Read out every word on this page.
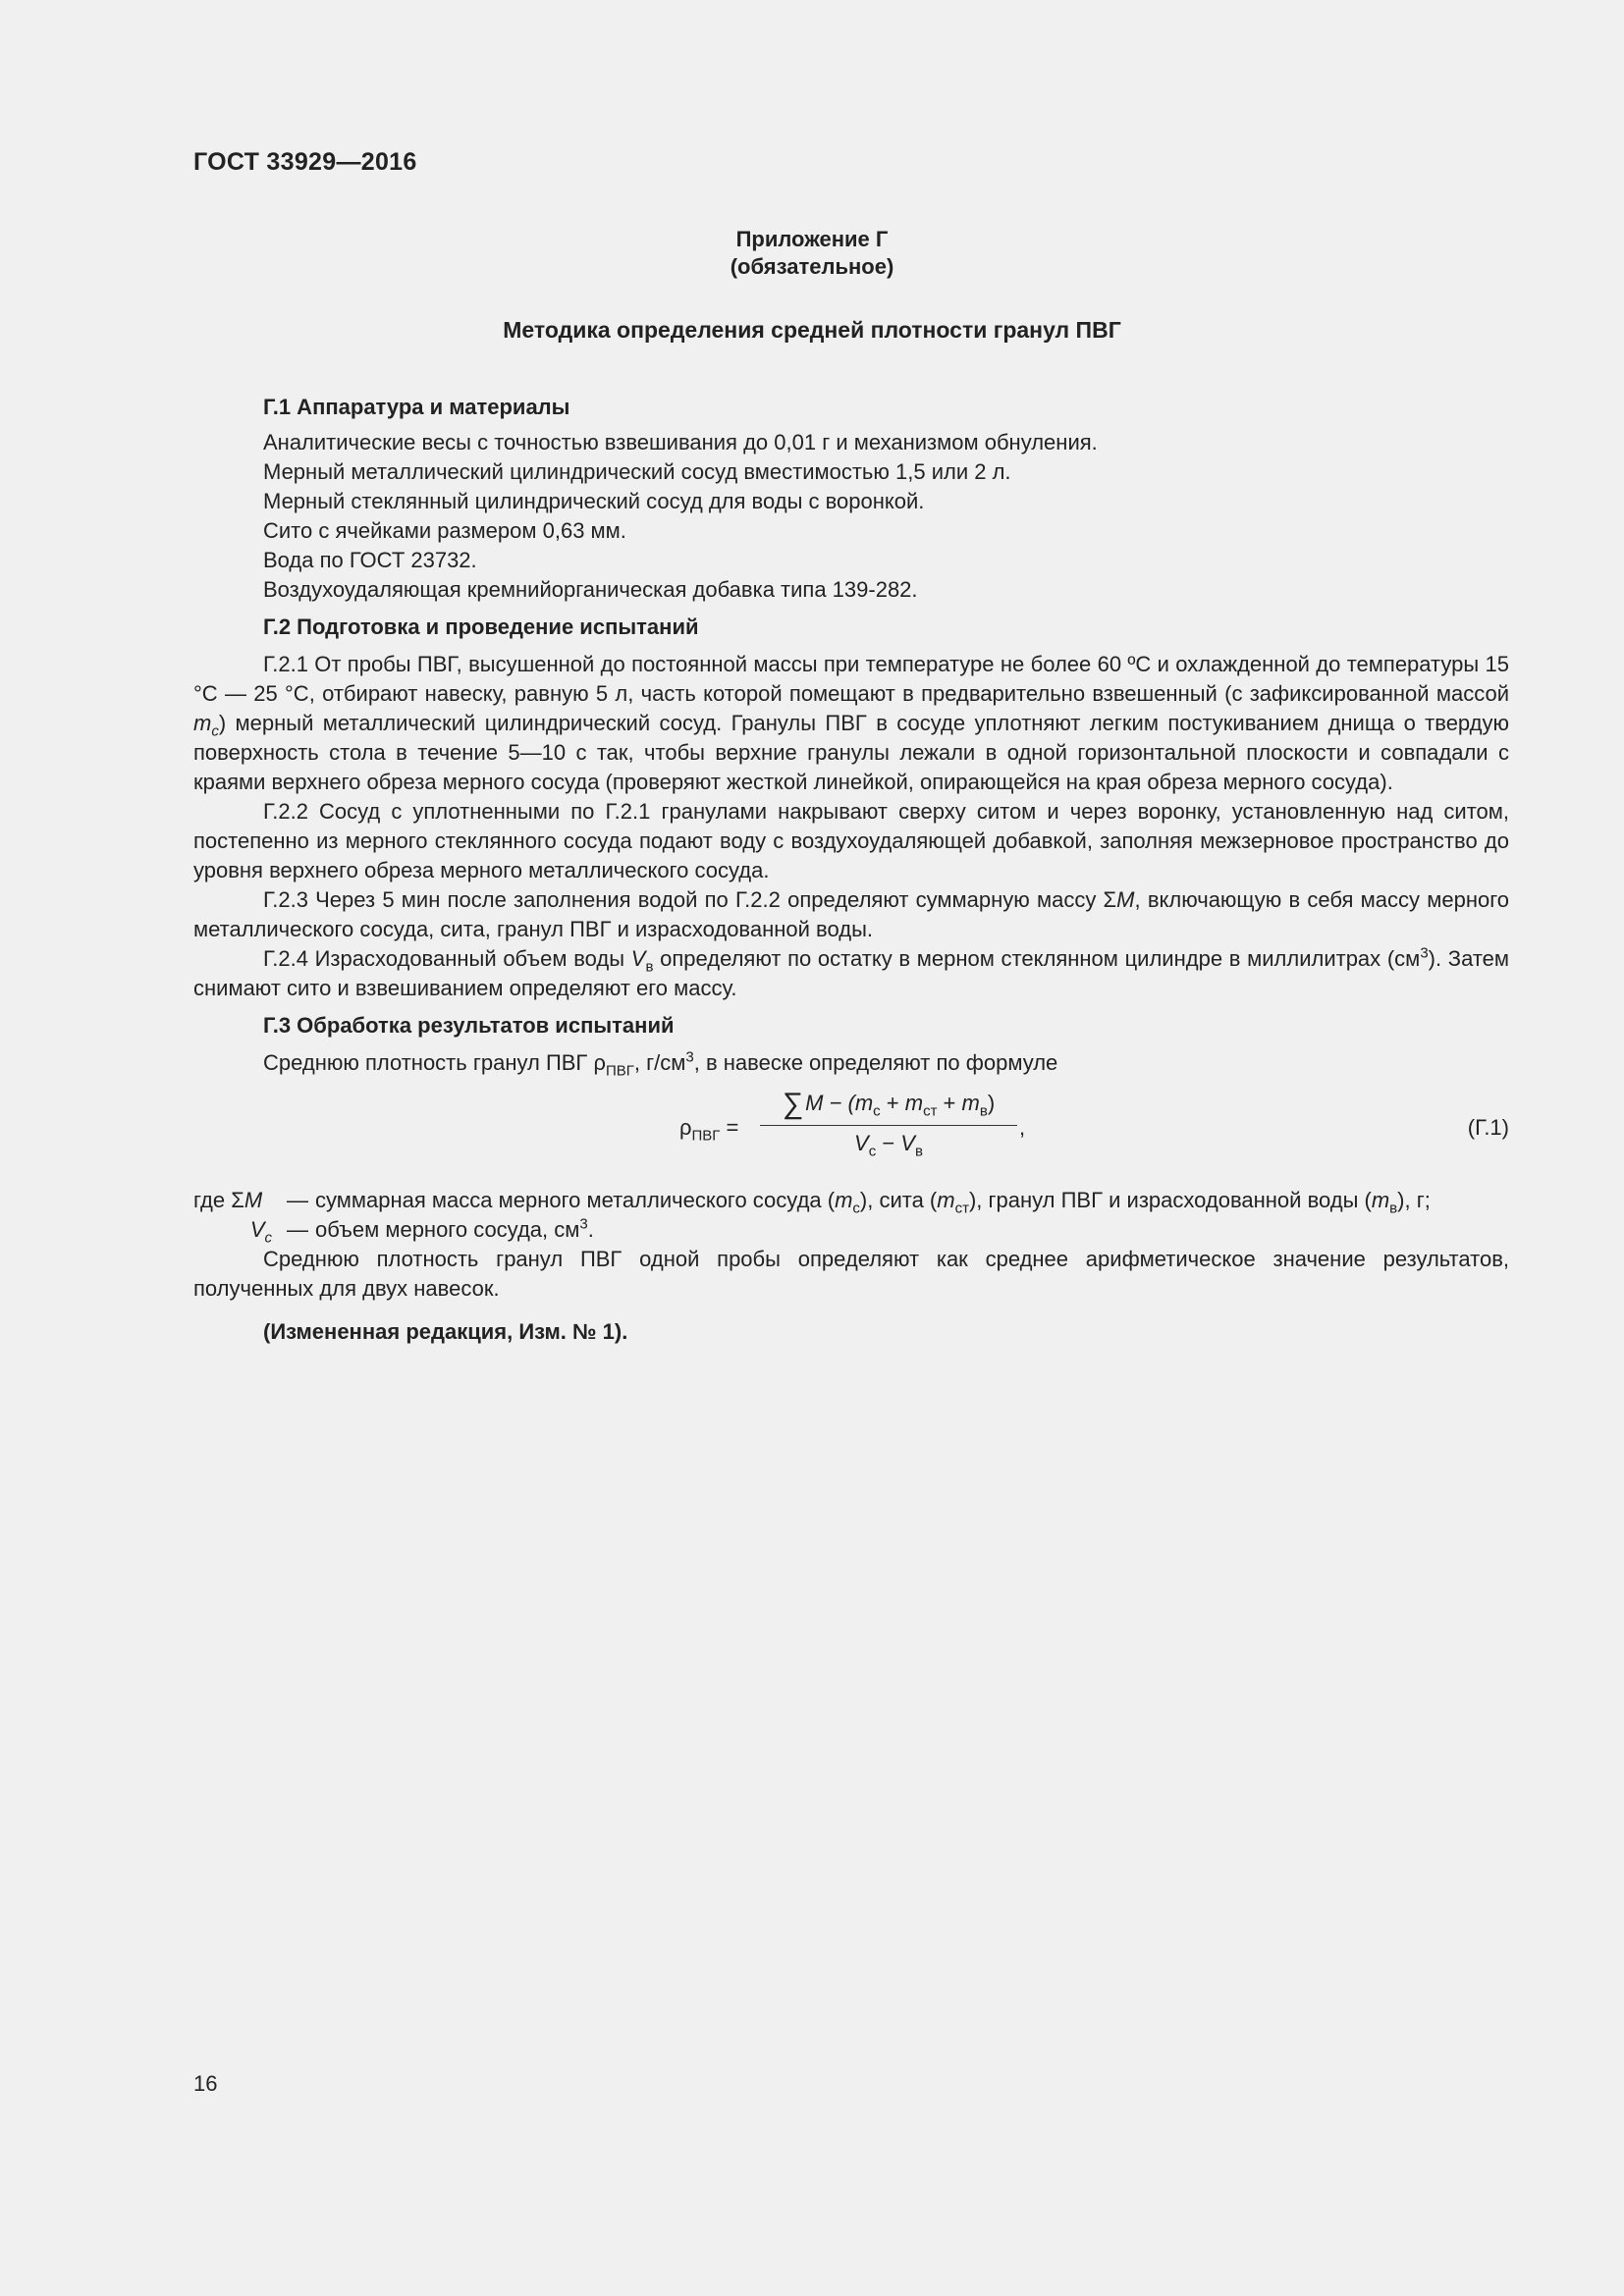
ГОСТ 33929—2016
Приложение Г
(обязательное)
Методика определения средней плотности гранул ПВГ

Г.1 Аппаратура и материалы

Аналитические весы с точностью взвешивания до 0,01 г и механизмом обнуления.

Мерный металлический цилиндрический сосуд вместимостью 1,5 или 2 л.

Мерный стеклянный цилиндрический сосуд для воды с воронкой.

Сито с ячейками размером 0,63 мм.

Вода по ГОСТ 23732.

Воздухоудаляющая кремнийорганическая добавка типа 139-282.

Г.2 Подготовка и проведение испытаний

Г.2.1 От пробы ПВГ, высушенной до постоянной массы при температуре не более 60 ºС и охлажденной до температуры 15 °С — 25 °С, отбирают навеску, равную 5 л, часть которой помещают в предварительно взвешенный (с зафиксированной массой $m_c$) мерный металлический цилиндрический сосуд. Гранулы ПВГ в сосуде уплотняют легким постукиванием днища о твердую поверхность стола в течение 5—10 с так, чтобы верхние гранулы лежали в одной горизонтальной плоскости и совпадали с краями верхнего обреза мерного сосуда (проверяют жесткой линейкой, опирающейся на края обреза мерного сосуда).

Г.2.2 Сосуд с уплотненными по Г.2.1 гранулами накрывают сверху ситом и через воронку, установленную над ситом, постепенно из мерного стеклянного сосуда подают воду с воздухоудаляющей добавкой, заполняя межзерновое пространство до уровня верхнего обреза мерного металлического сосуда.

Г.2.3 Через 5 мин после заполнения водой по Г.2.2 определяют суммарную массу ΣM, включающую в себя массу мерного металлического сосуда, сита, гранул ПВГ и израсходованной воды.

Г.2.4 Израсходованный объем воды $V_в$ определяют по остатку в мерном стеклянном цилиндре в миллилитрах $(см^3)$. Затем снимают сито и взвешиванием определяют его массу.

Г.3 Обработка результатов испытаний

Среднюю плотность гранул ПВГ $\rho_{ПВГ}$, $г/см^3$, в навеске определяют по формуле

$\rho_{ПВГ}$ =
∑ $M - (m_с + m_{ст} + m_в)$
$V_с - V_в$
,	(Г.1)
где ΣM	— суммарная масса мерного металлического сосуда $(m_с)$, сита $(m_{ст})$, гранул ПВГ и израсходованной воды $(m_в)$, г;
$V_c$ — объем мерного сосуда, $см^3$.

Среднюю плотность гранул ПВГ одной пробы определяют как среднее арифметическое значение результатов, полученных для двух навесок.

(Измененная редакция, Изм. № 1).

16
